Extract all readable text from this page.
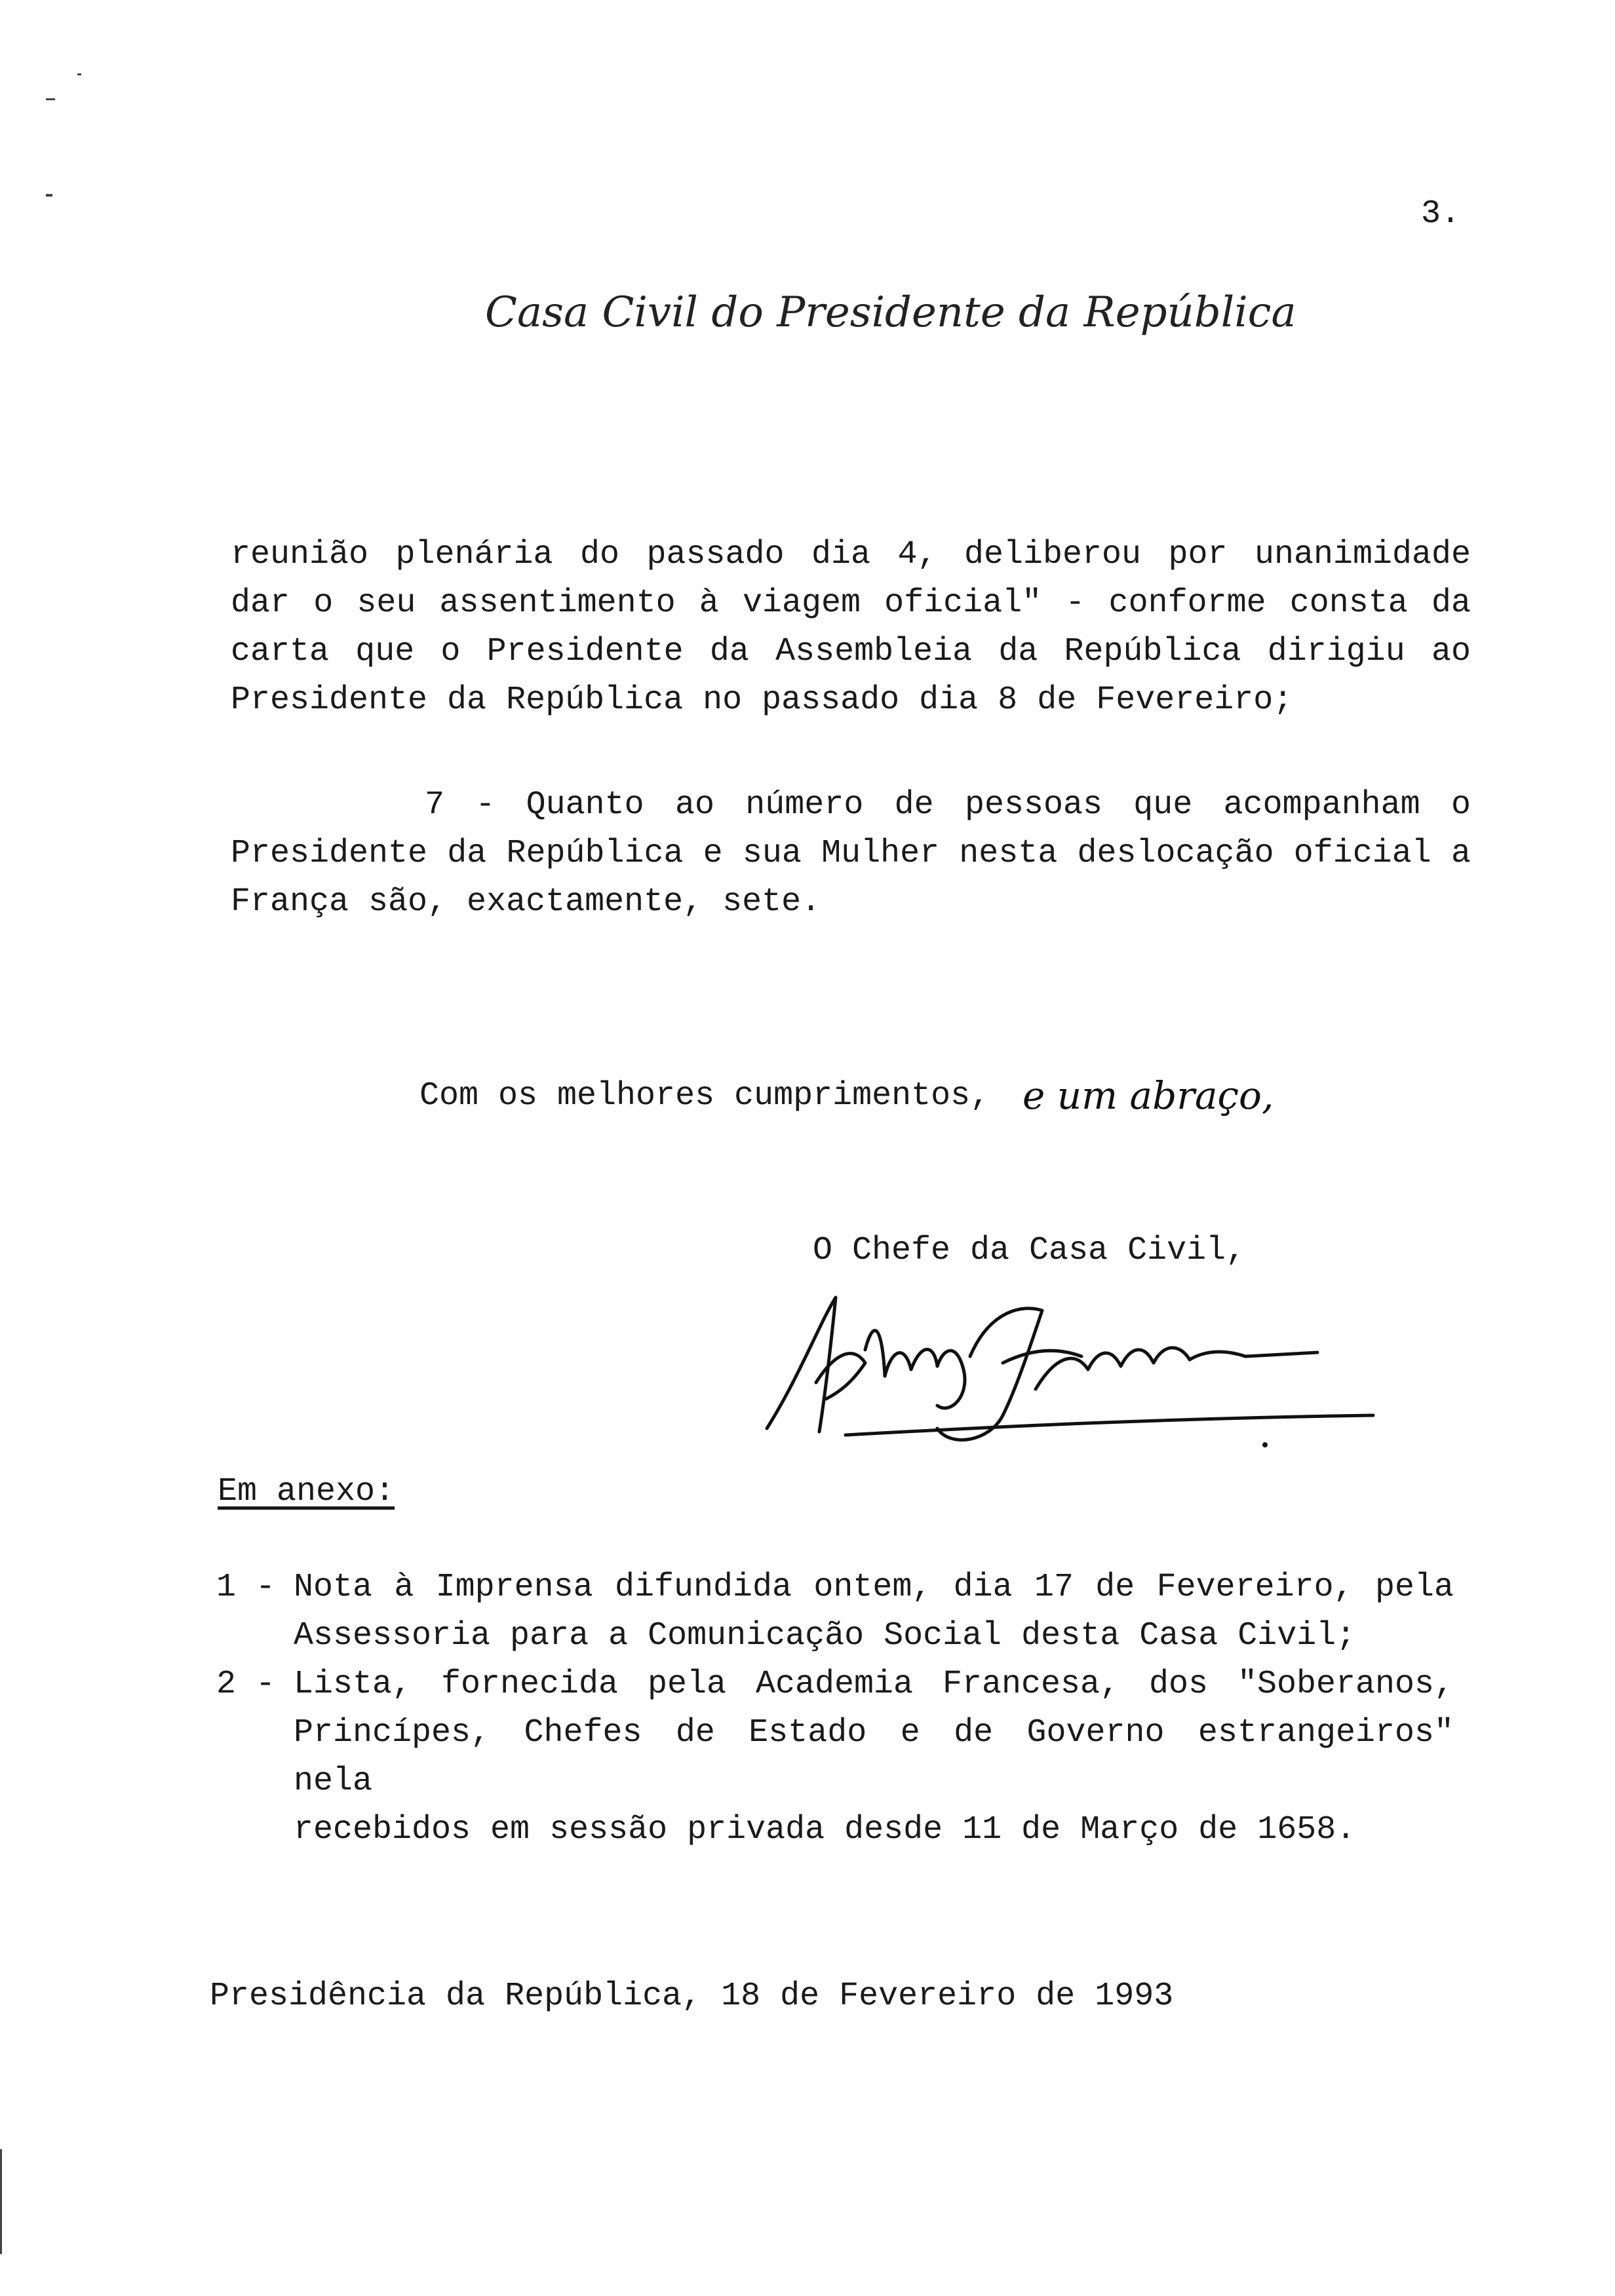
3.
Casa Civil do Presidente da República
reunião plenária do passado dia 4, deliberou por unanimidade
dar o seu assentimento à viagem oficial" - conforme consta da
carta que o Presidente da Assembleia da República dirigiu ao
Presidente da República no passado dia 8 de Fevereiro;
7 - Quanto ao número de pessoas que acompanham o
Presidente da República e sua Mulher nesta deslocação oficial a
França são, exactamente, sete.
Com os melhores cumprimentos, e um abraço,
O Chefe da Casa Civil,
Em anexo:
1 - Nota à Imprensa difundida ontem, dia 17 de Fevereiro, pela
Assessoria para a Comunicação Social desta Casa Civil;
2 - Lista, fornecida pela Academia Francesa, dos "Soberanos,
Princípes, Chefes de Estado e de Governo estrangeiros" nela
recebidos em sessão privada desde 11 de Março de 1658.
Presidência da República, 18 de Fevereiro de 1993
